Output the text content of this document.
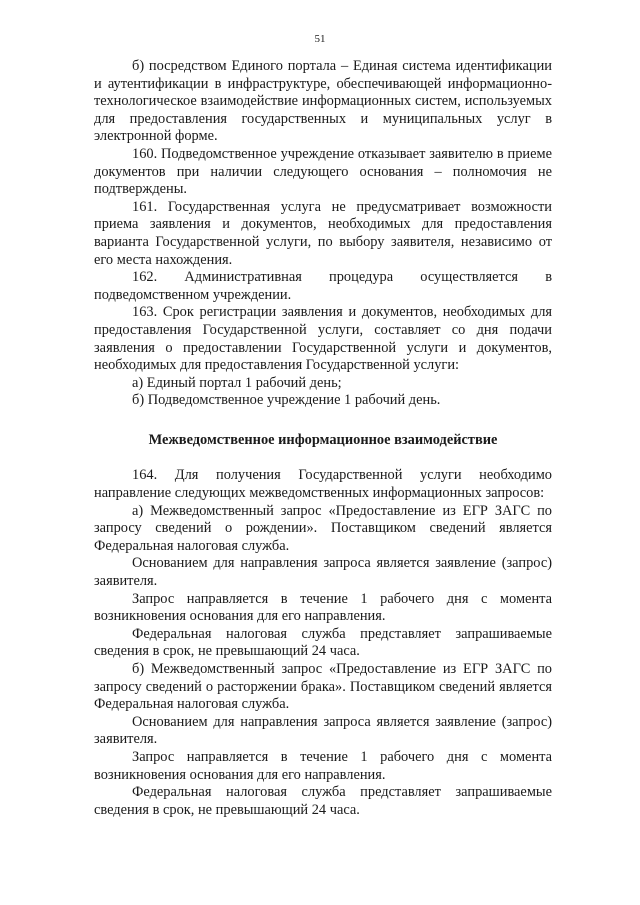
51

б) посредством Единого портала – Единая система идентификации и аутентификации в инфраструктуре, обеспечивающей информационно-технологическое взаимодействие информационных систем, используемых для предоставления государственных и муниципальных услуг в электронной форме.

160. Подведомственное учреждение отказывает заявителю в приеме документов при наличии следующего основания – полномочия не подтверждены.

161. Государственная услуга не предусматривает возможности приема заявления и документов, необходимых для предоставления варианта Государственной услуги, по выбору заявителя, независимо от его места нахождения.

162. Административная процедура осуществляется в подведомственном учреждении.

163. Срок регистрации заявления и документов, необходимых для предоставления Государственной услуги, составляет со дня подачи заявления о предоставлении Государственной услуги и документов, необходимых для предоставления Государственной услуги:

а) Единый портал 1 рабочий день;

б) Подведомственное учреждение 1 рабочий день.

Межведомственное информационное взаимодействие

164. Для получения Государственной услуги необходимо направление следующих межведомственных информационных запросов:

а) Межведомственный запрос «Предоставление из ЕГР ЗАГС по запросу сведений о рождении». Поставщиком сведений является Федеральная налоговая служба.

Основанием для направления запроса является заявление (запрос) заявителя.

Запрос направляется в течение 1 рабочего дня с момента возникновения основания для его направления.

Федеральная налоговая служба представляет запрашиваемые сведения в срок, не превышающий 24 часа.

б) Межведомственный запрос «Предоставление из ЕГР ЗАГС по запросу сведений о расторжении брака». Поставщиком сведений является Федеральная налоговая служба.

Основанием для направления запроса является заявление (запрос) заявителя.

Запрос направляется в течение 1 рабочего дня с момента возникновения основания для его направления.

Федеральная налоговая служба представляет запрашиваемые сведения в срок, не превышающий 24 часа.
